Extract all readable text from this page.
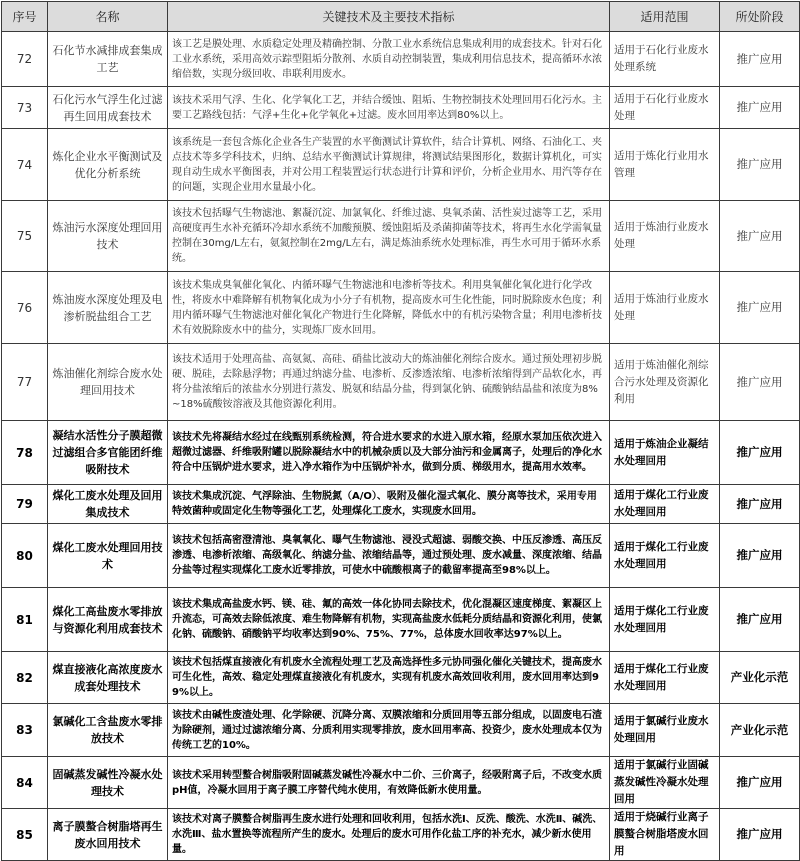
序号	名称	关键技术及主要技术指标	适用范围	所处阶段
72	石化节水减排成套集成工艺	该工艺是膜处理、水质稳定处理及精确控制、分散工业水系统信息集成利用的成套技术。针对石化工业水系统，采用高效示踪型阻垢分散剂、水质自动控制装置，集成利用信息技术，提高循环水浓缩倍数，实现分级回收、串联利用废水。	适用于石化行业废水处理系统	推广应用
73	石化污水气浮生化过滤再生回用成套技术	该技术采用气浮、生化、化学氧化工艺，并结合缓蚀、阻垢、生物控制技术处理回用石化污水。主要工艺路线包括：气浮+生化+化学氧化+过滤。废水回用率达到80%以上。	适用于石化行业废水处理	推广应用
74	炼化企业水平衡测试及优化分析系统	该系统是一套包含炼化企业各生产装置的水平衡测试计算软件，结合计算机、网络、石油化工、夹点技术等多学科技术，归纳、总结水平衡测试计算规律，将测试结果图形化，数据计算机化，可实现自动生成水平衡图表，并对公用工程装置运行状态进行计算和评价，分析企业用水、用汽等存在的问题，实现企业用水量最小化。	适用于炼化行业用水管理	推广应用
75	炼油污水深度处理回用技术	该技术包括曝气生物滤池、絮凝沉淀、加氯氧化、纤维过滤、臭氧杀菌、活性炭过滤等工艺，采用高硬度再生水补充循环冷却水系统不加酸预膜、缓蚀阻垢及杀菌抑菌等技术，将再生水化学需氧量控制在30mg/L左右，氨氮控制在2mg/L左右，满足炼油系统水处理标准，再生水可用于循环水系统。	适用于炼油行业废水处理	推广应用
76	炼油废水深度处理及电渗析脱盐组合工艺	该技术集成臭氧催化氧化、内循环曝气生物滤池和电渗析等技术。利用臭氧催化氧化进行化学改性，将废水中难降解有机物氧化成为小分子有机物，提高废水可生化性能，同时脱除废水色度；利用内循环曝气生物滤池对催化氧化产物进行生化降解，降低水中的有机污染物含量；利用电渗析技术有效脱除废水中的盐分，实现炼厂废水回用。	适用于炼油行业废水处理	推广应用
77	炼油催化剂综合废水处理回用技术	该技术适用于处理高盐、高氨氮、高硅、硝盐比波动大的炼油催化剂综合废水。通过预处理初步脱硬、脱硅，去除悬浮物；再通过纳滤分盐、电渗析、反渗透浓缩、电渗析浓缩得到产品软化水，再将分盐浓缩后的浓盐水分别进行蒸发、脱氨和结晶分盐，得到氯化钠、硫酸钠结晶盐和浓度为8%~18%硫酸铵溶液及其他资源化利用。	适用于炼油催化剂综合污水处理及资源化利用	推广应用
78	凝结水活性分子膜超微过滤组合多官能团纤维吸附技术	该技术先将凝结水经过在线甄别系统检测，符合进水要求的水进入原水箱，经原水泵加压依次进入超微过滤器、纤维吸附罐以脱除凝结水中的机械杂质以及大部分油污和金属离子，处理后的净化水符合中压锅炉进水要求，进入净水箱作为中压锅炉补水，做到分质、梯级用水，提高用水效率。	适用于炼油企业凝结水处理回用	推广应用
79	煤化工废水处理及回用集成技术	该技术集成沉淀、气浮除油、生物脱氮（A/O）、吸附及催化湿式氧化、膜分离等技术，采用专用特效菌种或固定化生物等强化工艺，处理煤化工废水，实现废水回用。	适用于煤化工行业废水处理回用	推广应用
80	煤化工废水处理回用技术	该技术包括高密澄清池、臭氧氧化、曝气生物滤池、浸没式超滤、弱酸交换、中压反渗透、高压反渗透、电渗析浓缩、高级氧化、纳滤分盐、浓缩结晶等，通过预处理、废水减量、深度浓缩、结晶分盐等过程实现煤化工废水近零排放，可使水中硫酸根离子的截留率提高至98%以上。	适用于煤化工行业废水处理回用	推广应用
81	煤化工高盐废水零排放与资源化利用成套技术	该技术集成高盐废水钙、镁、硅、氟的高效一体化协同去除技术，优化混凝区速度梯度、絮凝区上升流态，可高效去除低浓度、难生物降解有机物，实现高盐废水低耗分质结晶和资源化利用，使氯化钠、硫酸钠、硝酸钠平均收率达到90%、75%、77%，总体废水回收率达97%以上。	适用于煤化工行业废水处理回用	推广应用
82	煤直接液化高浓度废水成套处理技术	该技术包括煤直接液化有机废水全流程处理工艺及高选择性多元协同强化催化关键技术，提高废水可生化性，高效、稳定处理煤直接液化有机废水，实现有机废水高效回收利用，废水回用率达到99%以上。	适用于煤化工行业废水处理回用	产业化示范
83	氯碱化工含盐废水零排放技术	该技术由碱性废渣处理、化学除硬、沉降分离、双膜浓缩和分质回用等五部分组成，以固废电石渣为除硬剂，通过过滤浓缩分离、分质利用实现零排放，废水回用率高、投资少，废水处理成本仅为传统工艺的10%。	适用于氯碱行业废水处理回用	产业化示范
84	固碱蒸发碱性冷凝水处理技术	该技术采用转型螯合树脂吸附固碱蒸发碱性冷凝水中二价、三价离子，经吸附离子后，不改变水质pH值，冷凝水回用于离子膜工序替代纯水使用，有效降低新水使用量。	适用于氯碱行业固碱蒸发碱性冷凝水处理回用	推广应用
85	离子膜螯合树脂塔再生废水回用技术	该技术对离子膜螯合树脂再生废水进行处理和回收利用，包括水洗Ⅰ、反洗、酸洗、水洗Ⅱ、碱洗、水洗Ⅲ、盐水置换等流程所产生的废水。处理后的废水可用作化盐工序的补充水，减少新水使用量。	适用于烧碱行业离子膜螯合树脂塔废水回用	推广应用
